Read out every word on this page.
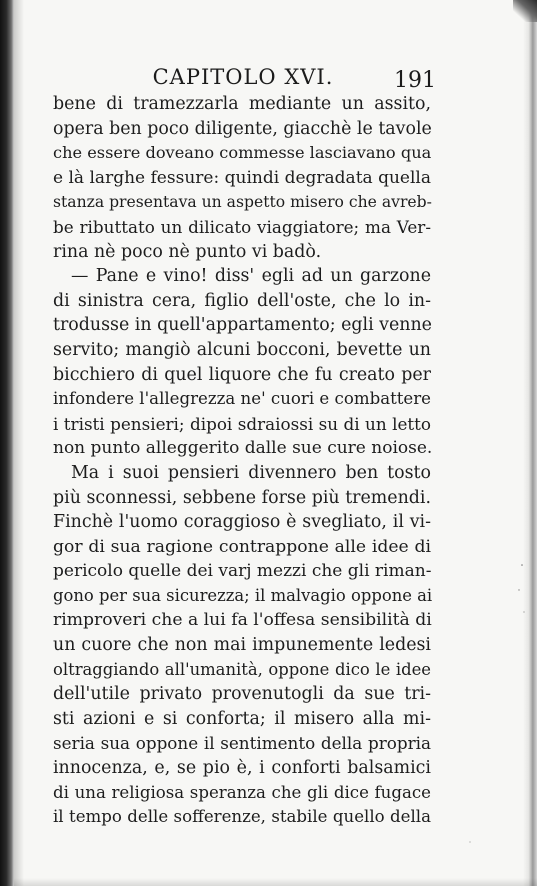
CAPITOLO XVI.	191
bene di tramezzarla mediante un assito,
opera ben poco diligente, giacchè le tavole
che essere doveano commesse lasciavano qua
e là larghe fessure: quindi degradata quella
stanza presentava un aspetto misero che avreb-
be ributtato un dilicato viaggiatore; ma Ver-
rina nè poco nè punto vi badò.
— Pane e vino! diss' egli ad un garzone
di sinistra cera, figlio dell'oste, che lo in-
trodusse in quell'appartamento; egli venne
servito; mangiò alcuni bocconi, bevette un
bicchiero di quel liquore che fu creato per
infondere l'allegrezza ne' cuori e combattere
i tristi pensieri; dipoi sdraiossi su di un letto
non punto alleggerito dalle sue cure noiose.
Ma i suoi pensieri divennero ben tosto
più sconnessi, sebbene forse più tremendi.
Finchè l'uomo coraggioso è svegliato, il vi-
gor di sua ragione contrappone alle idee di
pericolo quelle dei varj mezzi che gli riman-
gono per sua sicurezza; il malvagio oppone ai
rimproveri che a lui fa l'offesa sensibilità di
un cuore che non mai impunemente ledesi
oltraggiando all'umanità, oppone dico le idee
dell'utile privato provenutogli da sue tri-
sti azioni e si conforta; il misero alla mi-
seria sua oppone il sentimento della propria
innocenza, e, se pio è, i conforti balsamici
di una religiosa speranza che gli dice fugace
il tempo delle sofferenze, stabile quello della
